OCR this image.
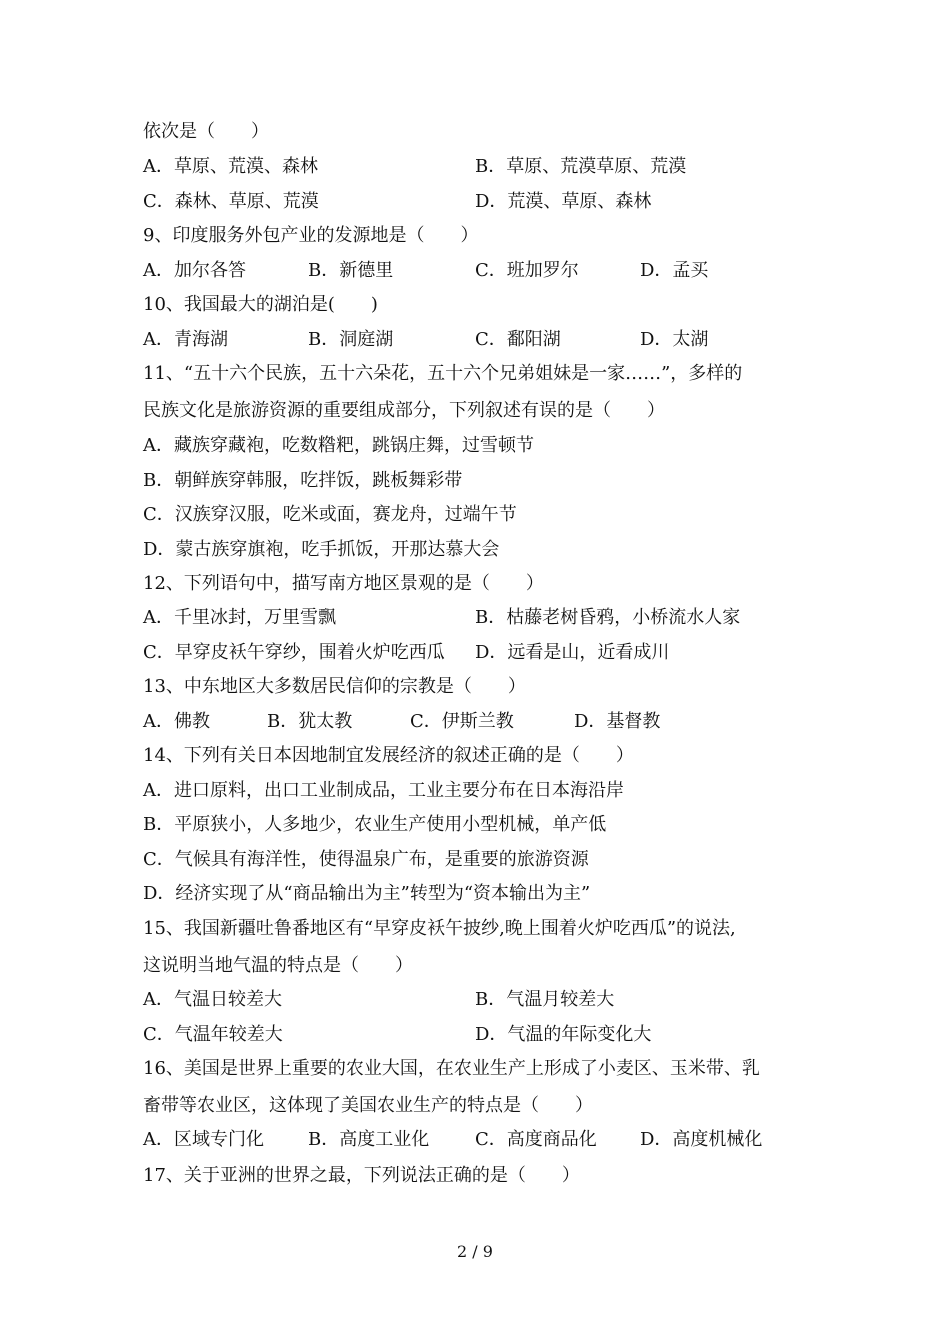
依次是（　　）
A．草原、荒漠、森林	B．草原、荒漠草原、荒漠
C．森林、草原、荒漠	D．荒漠、草原、森林
9、印度服务外包产业的发源地是（　　）
A．加尔各答	B．新德里	C．班加罗尔	D．孟买
10、我国最大的湖泊是(　　)
A．青海湖	B．洞庭湖	C．鄱阳湖	D．太湖
11、“五十六个民族，五十六朵花，五十六个兄弟姐妹是一家……”，多样的
民族文化是旅游资源的重要组成部分，下列叙述有误的是（　　）
A．藏族穿藏袍，吃数糌粑，跳锅庄舞，过雪顿节
B．朝鲜族穿韩服，吃拌饭，跳板舞彩带
C．汉族穿汉服，吃米或面，赛龙舟，过端午节
D．蒙古族穿旗袍，吃手抓饭，开那达慕大会
12、下列语句中，描写南方地区景观的是（　　）
A．千里冰封，万里雪飘	B．枯藤老树昏鸦，小桥流水人家
C．早穿皮袄午穿纱，围着火炉吃西瓜 D．远看是山，近看成川
13、中东地区大多数居民信仰的宗教是（　　）
A．佛教	B．犹太教	C．伊斯兰教	D．基督教
14、下列有关日本因地制宜发展经济的叙述正确的是（　　）
A．进口原料，出口工业制成品，工业主要分布在日本海沿岸
B．平原狭小，人多地少，农业生产使用小型机械，单产低
C．气候具有海洋性，使得温泉广布，是重要的旅游资源
D．经济实现了从“商品输出为主”转型为“资本输出为主”
15、我国新疆吐鲁番地区有“早穿皮袄午披纱,晚上围着火炉吃西瓜”的说法,
这说明当地气温的特点是（　　）
A．气温日较差大	B．气温月较差大
C．气温年较差大	D．气温的年际变化大
16、美国是世界上重要的农业大国，在农业生产上形成了小麦区、玉米带、乳
畜带等农业区，这体现了美国农业生产的特点是（　　）
A．区域专门化 B．高度工业化	C．高度商品化 D．高度机械化
17、关于亚洲的世界之最，下列说法正确的是（　　）
2 / 9
